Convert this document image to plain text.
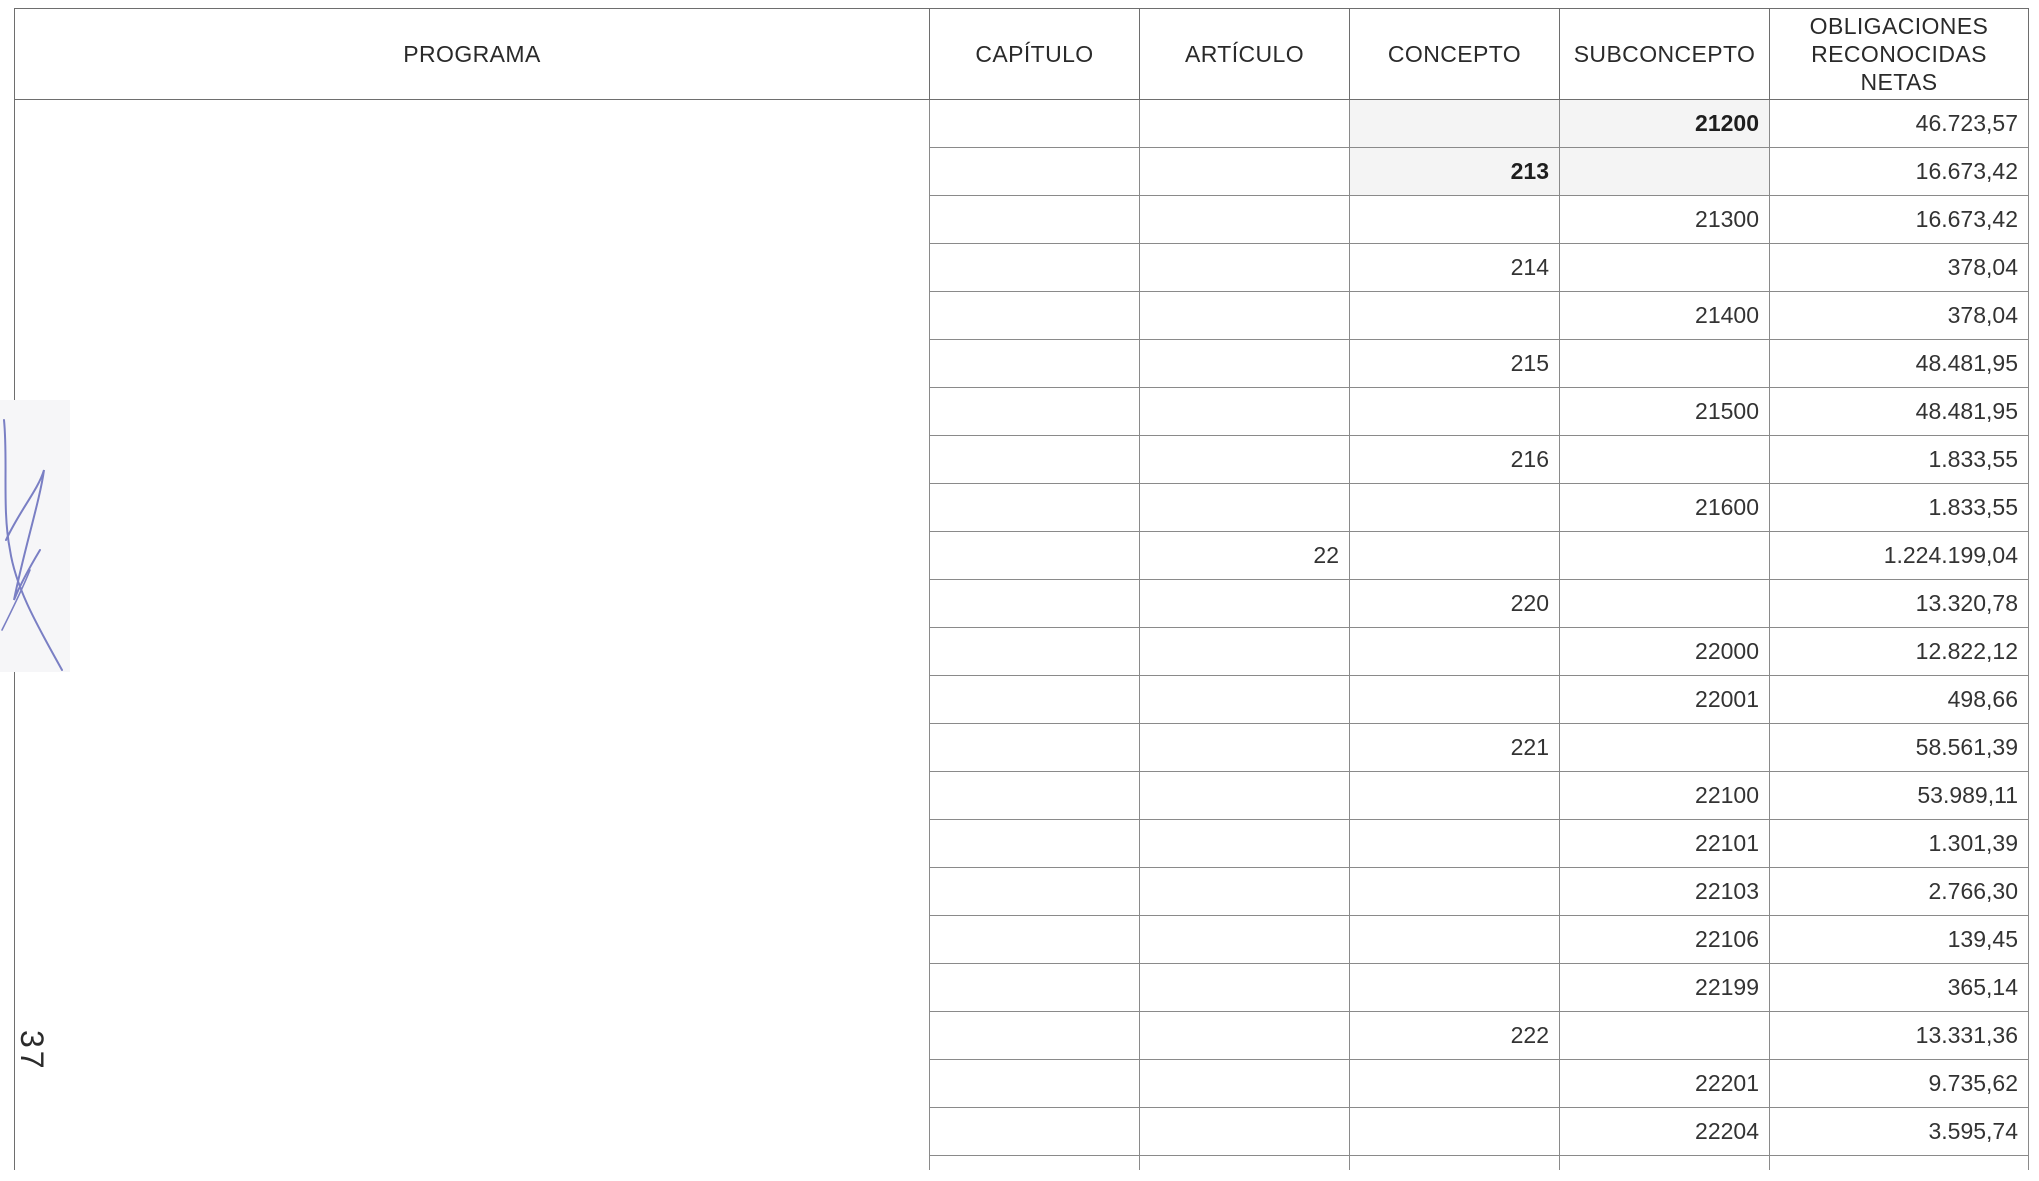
PROGRAMA	CAPÍTULO	ARTÍCULO	CONCEPTO	SUBCONCEPTO	OBLIGACIONES RECONOCIDAS NETAS
				21200	46.723,57
			213		16.673,42
				21300	16.673,42
			214		378,04
				21400	378,04
			215		48.481,95
				21500	48.481,95
			216		1.833,55
				21600	1.833,55
		22			1.224.199,04
			220		13.320,78
				22000	12.822,12
				22001	498,66
			221		58.561,39
				22100	53.989,11
				22101	1.301,39
				22103	2.766,30
				22106	139,45
				22199	365,14
			222		13.331,36
				22201	9.735,62
				22204	3.595,74

37
